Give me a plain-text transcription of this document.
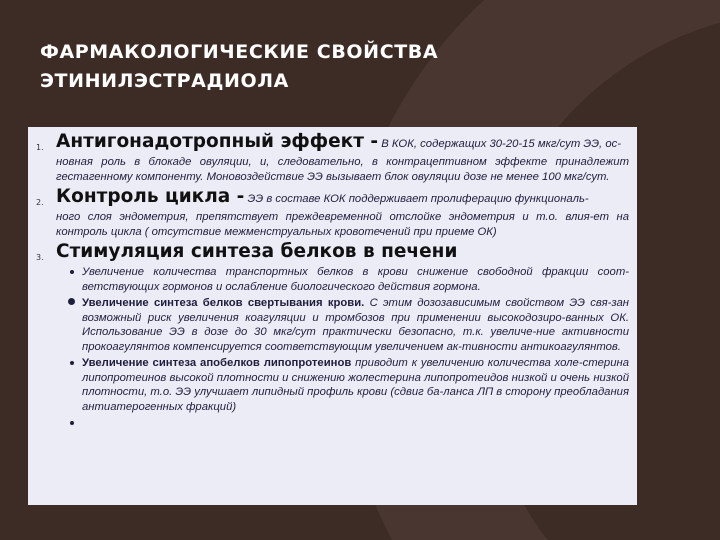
ФАРМАКОЛОГИЧЕСКИЕ СВОЙСТВА
ЭТИНИЛЭСТРАДИОЛА
1. Антигонадотропный эффект - В КОК, содержащих 30-20-15 мкг/сут ЭЭ, ос-
новная роль в блокаде овуляции, и, следовательно, в контрацептивном эффекте принадлежит гестагенному компоненту. Моновоздействие ЭЭ вызывает блок овуляции дозе не менее 100 мкг/сут.
2. Контроль цикла - ЭЭ в составе КОК поддерживает пролиферацию функциональ-
ного слоя эндометрия, препятствует преждевременной отслойке эндометрия и т.о. влия-ет на контроль цикла ( отсутствие межменструальных кровотечений при приеме ОК)
3. Стимуляция синтеза белков в печени
Увеличение количества транспортных белков в крови снижение свободной фракции соот-ветствующих гормонов и ослабление биологического действия гормона.
Увеличение синтеза белков свертывания крови. С этим дозозависимым свойством ЭЭ свя-зан возможный риск увеличения коагуляции и тромбозов при применении высокодозиро-ванных ОК. Использование ЭЭ в дозе до 30 мкг/сут практически безопасно, т.к. увеличе-ние активности прокоагулянтов компенсируется соответствующим увеличением ак-тивности антикоагулянтов.
Увеличение синтеза апобелков липопротеинов приводит к увеличению количества холе-стерина липопротеинов высокой плотности и снижению жолестерина липопротеидов низкой и очень низкой плотности, т.о. ЭЭ улучшает липидный профиль крови (сдвиг ба-ланса ЛП в сторону преобладания антиатерогенных фракций)
